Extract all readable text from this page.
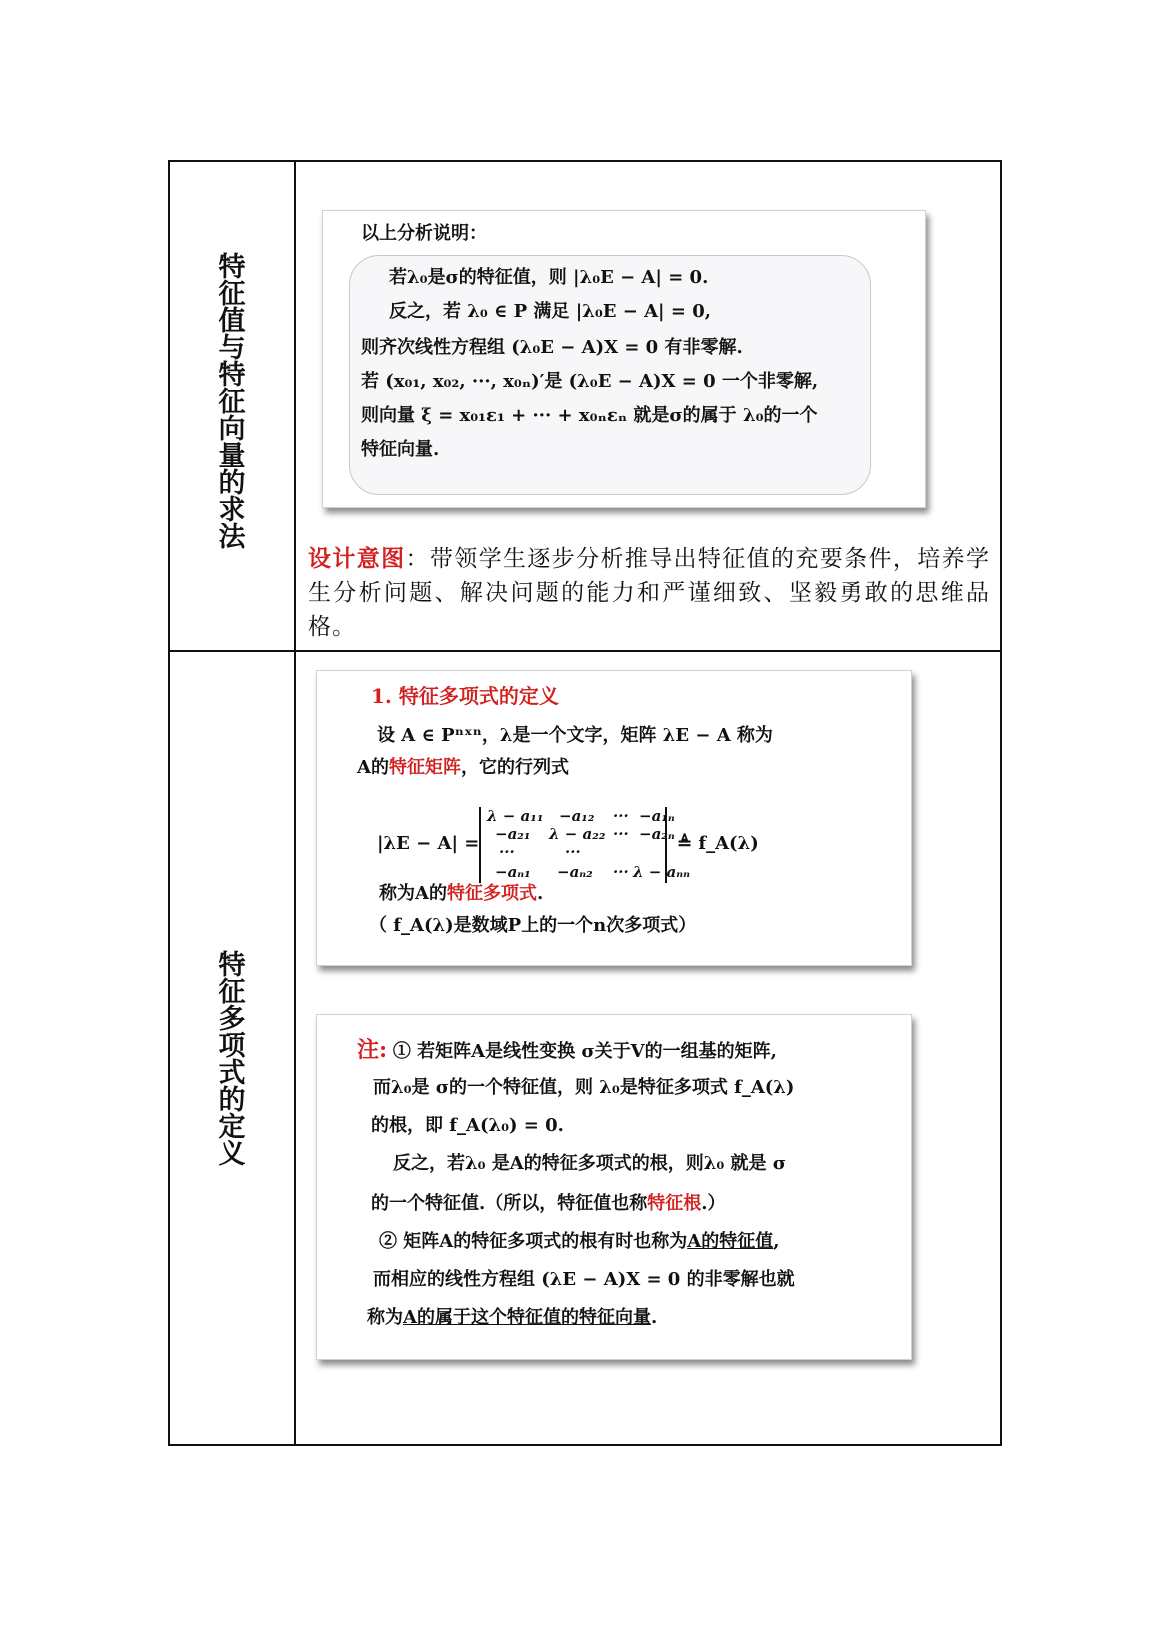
特征值与特征向量的求法
特征多项式的定义

以上分析说明：

若λ₀是σ的特征值，则 |λ₀E − A| = 0.

反之，若 λ₀ ∈ P 满足 |λ₀E − A| = 0,

则齐次线性方程组 (λ₀E − A)X = 0 有非零解.

若 (x₀₁, x₀₂, ···, x₀ₙ)′是 (λ₀E − A)X = 0 一个非零解,

则向量 ξ = x₀₁ε₁ + ··· + x₀ₙεₙ 就是σ的属于 λ₀的一个

特征向量.

设计意图：带领学生逐步分析推导出特征值的充要条件，培养学生分析问题、解决问题的能力和严谨细致、坚毅勇敢的思维品格。

1. 特征多项式的定义

设 A ∈ Pⁿˣⁿ，λ是一个文字，矩阵 λE − A 称为

A的特征矩阵，它的行列式

|λE − A| =
λ − a₁₁ −a₁₂ ··· −a₁ₙ
−a₂₁ λ − a₂₂ ··· −a₂ₙ
···	···
−aₙ₁ −aₙ₂ ··· λ − aₙₙ
≜ f_A(λ)

称为A的特征多项式.

（ f_A(λ)是数域P上的一个n次多项式）

注: ① 若矩阵A是线性变换 σ关于V的一组基的矩阵,

而λ₀是 σ的一个特征值，则 λ₀是特征多项式 f_A(λ)

的根，即 f_A(λ₀) = 0.

反之，若λ₀ 是A的特征多项式的根，则λ₀ 就是 σ

的一个特征值.（所以，特征值也称特征根.）

② 矩阵A的特征多项式的根有时也称为A的特征值,

而相应的线性方程组 (λE − A)X = 0 的非零解也就

称为A的属于这个特征值的特征向量.
